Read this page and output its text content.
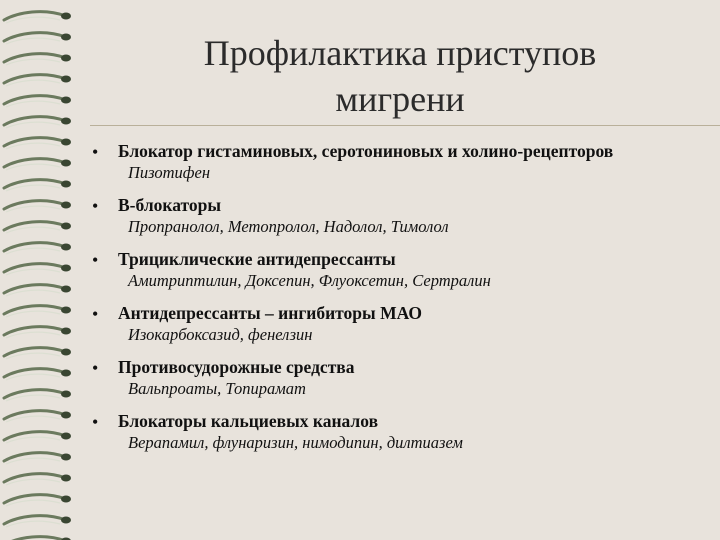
Профилактика приступов
мигрени
• Блокатор гистаминовых, серотониновых и холино-рецепторов
Пизотифен
• В-блокаторы
Пропранолол, Метопролол, Надолол, Тимолол
• Трициклические антидепрессанты
Амитриптилин, Доксепин, Флуоксетин, Сертралин
• Антидепрессанты – ингибиторы МАО
Изокарбоксазид, фенелзин
• Противосудорожные средства
Вальпроаты, Топирамат
• Блокаторы кальциевых каналов
Верапамил, флунаризин, нимодипин, дилтиазем
